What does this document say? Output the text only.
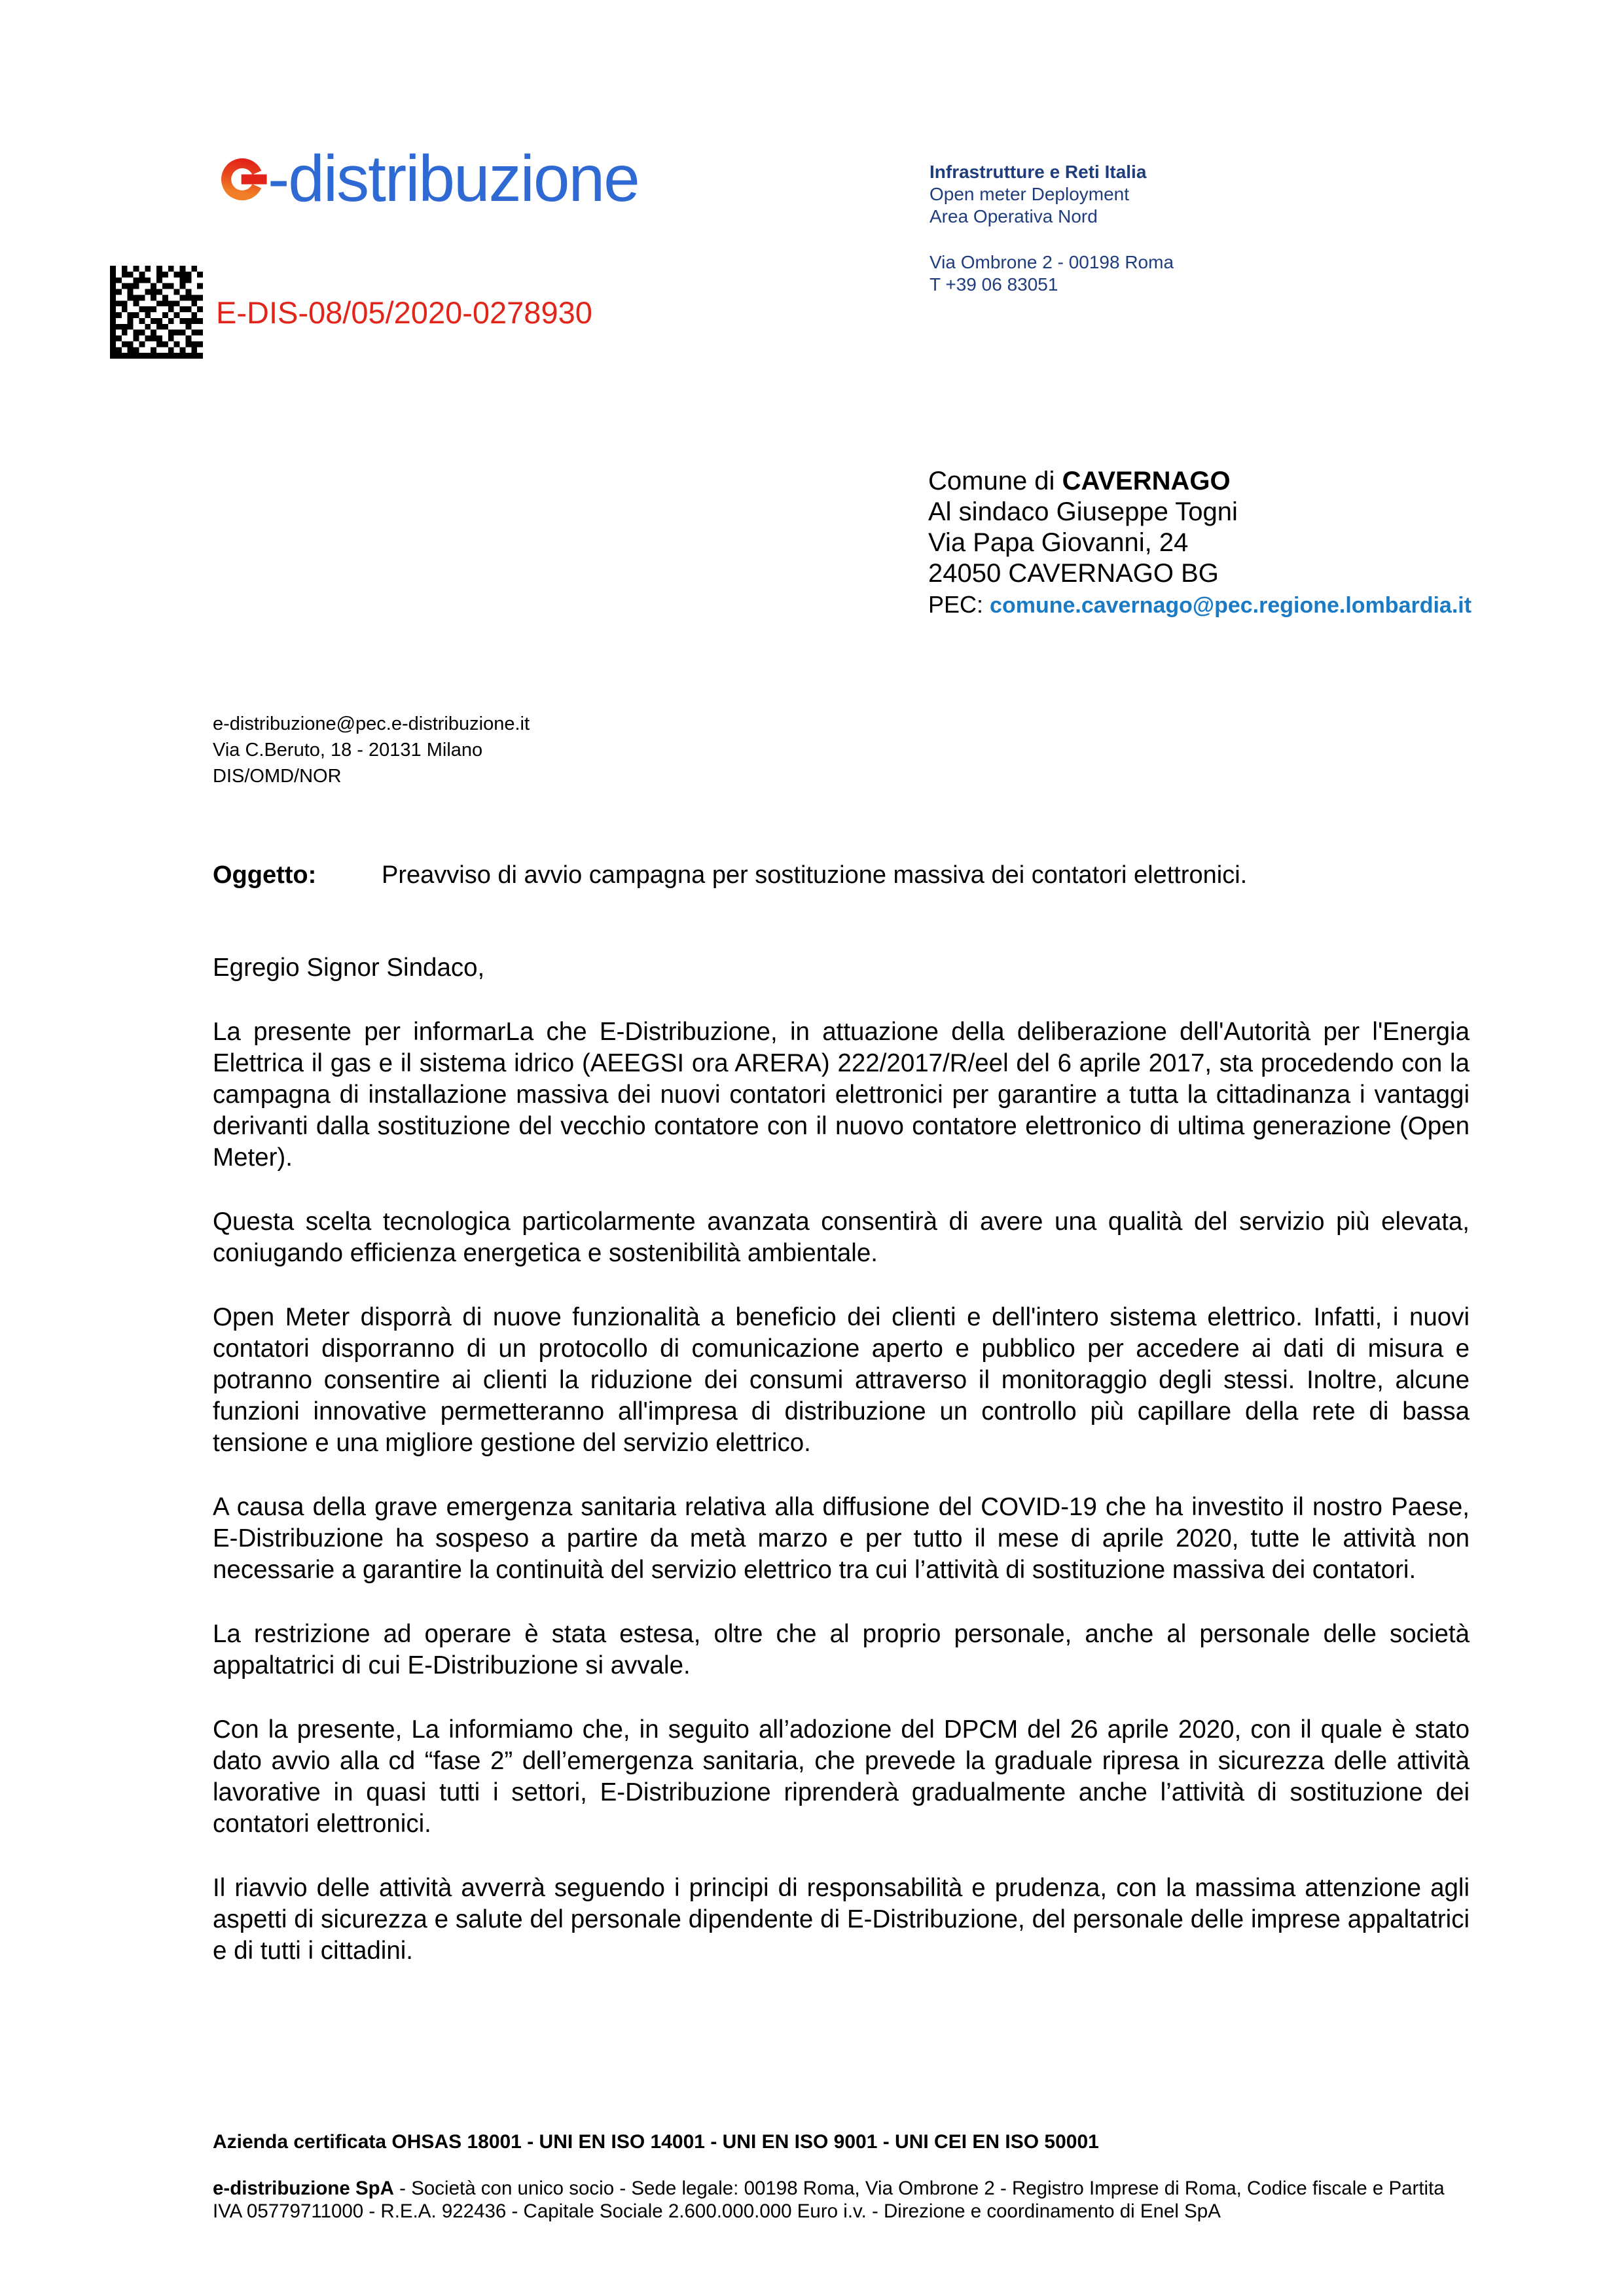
-distribuzione	Infrastrutture e Reti Italia
Open meter Deployment
Area Operativa Nord
Via Ombrone 2 - 00198 Roma
T +39 06 83051
E-DIS-08/05/2020-0278930
Comune di CAVERNAGO
Al sindaco Giuseppe Togni
Via Papa Giovanni, 24
24050 CAVERNAGO BG
PEC: comune.cavernago@pec.regione.lombardia.it
e-distribuzione@pec.e-distribuzione.it
Via C.Beruto, 18 - 20131 Milano
DIS/OMD/NOR
Oggetto:	Preavviso di avvio campagna per sostituzione massiva dei contatori elettronici.

Egregio Signor Sindaco,

La presente per informarLa che E-Distribuzione, in attuazione della deliberazione dell'Autorità per l'Energia Elettrica il gas e il sistema idrico (AEEGSI ora ARERA) 222/2017/R/eel del 6 aprile 2017, sta procedendo con la campagna di installazione massiva dei nuovi contatori elettronici per garantire a tutta la cittadinanza i vantaggi derivanti dalla sostituzione del vecchio contatore con il nuovo contatore elettronico di ultima generazione (Open Meter).

Questa scelta tecnologica particolarmente avanzata consentirà di avere una qualità del servizio più elevata, coniugando efficienza energetica e sostenibilità ambientale.

Open Meter disporrà di nuove funzionalità a beneficio dei clienti e dell'intero sistema elettrico. Infatti, i nuovi contatori disporranno di un protocollo di comunicazione aperto e pubblico per accedere ai dati di misura e potranno consentire ai clienti la riduzione dei consumi attraverso il monitoraggio degli stessi. Inoltre, alcune funzioni innovative permetteranno all'impresa di distribuzione un controllo più capillare della rete di bassa tensione e una migliore gestione del servizio elettrico.

A causa della grave emergenza sanitaria relativa alla diffusione del COVID-19 che ha investito il nostro Paese, E-Distribuzione ha sospeso a partire da metà marzo e per tutto il mese di aprile 2020, tutte le attività non necessarie a garantire la continuità del servizio elettrico tra cui l’attività di sostituzione massiva dei contatori.

La restrizione ad operare è stata estesa, oltre che al proprio personale, anche al personale delle società appaltatrici di cui E-Distribuzione si avvale.

Con la presente, La informiamo che, in seguito all’adozione del DPCM del 26 aprile 2020, con il quale è stato dato avvio alla cd “fase 2” dell’emergenza sanitaria, che prevede la graduale ripresa in sicurezza delle attività lavorative in quasi tutti i settori, E-Distribuzione riprenderà gradualmente anche l’attività di sostituzione dei contatori elettronici.

Il riavvio delle attività avverrà seguendo i principi di responsabilità e prudenza, con la massima attenzione agli aspetti di sicurezza e salute del personale dipendente di E-Distribuzione, del personale delle imprese appaltatrici e di tutti i cittadini.

Azienda certificata OHSAS 18001 - UNI EN ISO 14001 - UNI EN ISO 9001 - UNI CEI EN ISO 50001
e-distribuzione SpA - Società con unico socio - Sede legale: 00198 Roma, Via Ombrone 2 - Registro Imprese di Roma, Codice fiscale e Partita IVA 05779711000 - R.E.A. 922436 - Capitale Sociale 2.600.000.000 Euro i.v. - Direzione e coordinamento di Enel SpA
